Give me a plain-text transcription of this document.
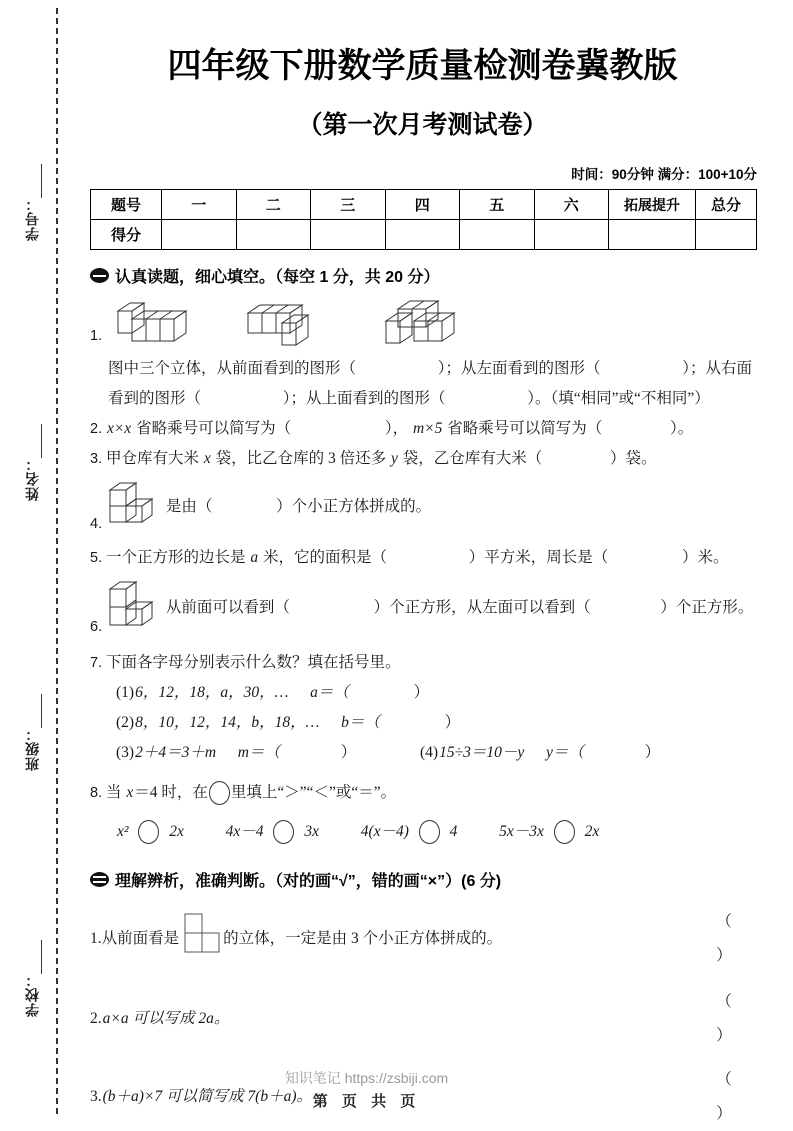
学号：
姓名：
班级：
学校：
四年级下册数学质量检测卷冀教版
（第一次月考测试卷）
时间：90分钟 满分：100+10分
题号	一	二	三	四	五	六	拓展提升	总分
得分								
认真读题，细心填空。（每空 1 分，共 20 分）
1.
图中三个立体，从前面看到的图形（	）；从左面看到的图形（	）；从右面
看到的图形（	）；从上面看到的图形（	）。（填“相同”或“不相同”）
2. x×x 省略乘号可以简写为（	）， m×5 省略乘号可以简写为（	）。
3. 甲仓库有大米 x 袋，比乙仓库的 3 倍还多 y 袋，乙仓库有大米（	）袋。
4.  是由（	）个小正方体拼成的。
5. 一个正方形的边长是 a 米，它的面积是（	）平方米，周长是（	）米。
6.  从前面可以看到（	）个正方形，从左面可以看到（	）个正方形。
7. 下面各字母分别表示什么数？填在括号里。
(1)6，12，18，a，30，… a＝（	）
(2)8，10，12，14，b，18，… b＝（	）
(3)2＋4＝3＋m m＝（	）	(4)15÷3＝10－y y＝（	）
8. 当 x＝4 时，在 里填上“＞”“＜”或“＝”。
x²	2x	4x－4	3x	4(x－4)	4	5x－3x	2x
理解辨析，准确判断。（对的画“√”，错的画“×”）(6 分)
1. 从前面看是	的立体，一定是由 3 个小正方体拼成的。
（ ）
2. a×a 可以写成 2a。
（ ）
3. (b＋a)×7 可以简写成 7(b＋a)。
（ ）
知识笔记 https://zsbiji.com
第 页 共 页
